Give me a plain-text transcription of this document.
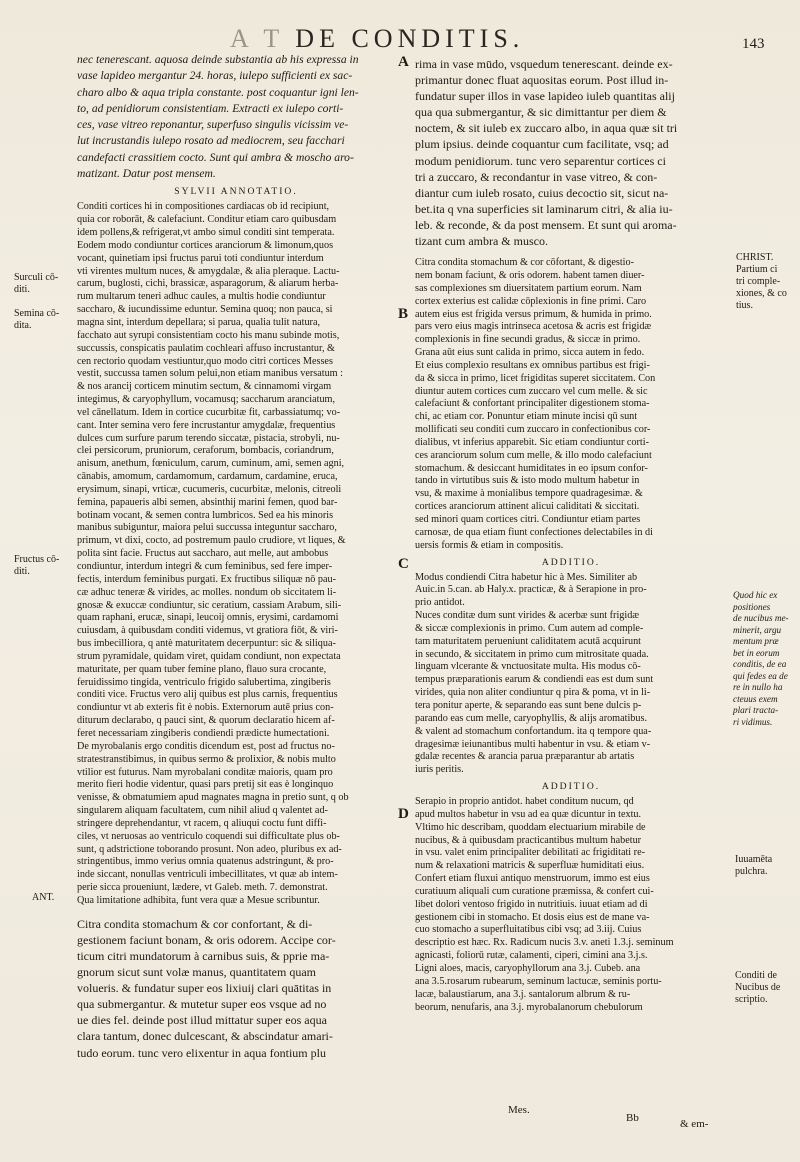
A T DE CONDITIS.	143
nec tenerescant. aquosa deinde substantia ab his expressa in
vase lapideo mergantur 24. horas, iulepo sufficienti ex sac-
charo albo & aqua tripla constante. post coquantur igni len-
to, ad penidiorum consistentiam. Extracti ex iulepo corti-
ces, vase vitreo reponantur, superfuso singulis vicissim ve-
lut incrustandis iulepo rosato ad mediocrem, seu facchari
candefacti crassitiem cocto. Sunt qui ambra & moscho aro-
matizant. Datur post mensem.
SYLVII ANNOTATIO.
Conditi cortices hi in compositiones cardiacas ob id recipiunt,
quia cor roborāt, & calefaciunt. Conditur etiam caro quibusdam
idem pollens,& refrigerat,vt ambo simul conditi sint temperata.
Eodem modo condiuntur cortices aranciorum & limonum,quos
vocant, quinetiam ipsi fructus parui toti condiuntur interdum
vti virentes multum nuces, & amygdalæ, & alia pleraque. Lactu-
carum, buglosti, cichi, brassicæ, asparagorum, & aliarum herba-
rum multarum teneri adhuc caules, a multis hodie condiuntur
saccharo, & iucundissime eduntur. Semina quoq; non pauca, si
magna sint, interdum depellara; si parua, qualia tulit natura,
facchato aut syrupi consistentiam cocto his manu subinde motis,
succussis, conspicatis paulatim cochleari affuso incrustantur, &
cen rectorio quodam vestiuntur,quo modo citri cortices Messes
vestit, succussa tamen solum pelui,non etiam manibus versatum :
& nos arancij corticem minutim sectum, & cinnamomi virgam
integimus, & caryophyllum, vocamusq; saccharum aranciatum,
vel cānellatum. Idem in cortice cucurbitæ fit, carbassiatumq; vo-
cant. Inter semina vero fere incrustantur amygdalæ, frequentius
dulces cum surfure parum terendo siccatæ, pistacia, strobyli, nu-
clei persicorum, pruniorum, ceraforum, bombacis, coriandrum,
anisum, anethum, fœniculum, carum, cuminum, ami, semen agni,
cānabis, amomum, cardamomum, cardamum, cardamine, eruca,
erysimum, sinapi, vrticæ, cucumeris, cucurbitæ, melonis, citreoli
femina, papaueris albi semen, absinthij marini femen, quod bar-
botinam vocant, & semen contra lumbricos. Sed ea his minoris
manibus subiguntur, maiora pelui succussa integuntur saccharo,
primum, vt dixi, cocto, ad postremum paulo crudiore, vt liques, &
polita sint facie. Fructus aut saccharo, aut melle, aut ambobus
condiuntur, interdum integri & cum feminibus, sed fere imper-
fectis, interdum feminibus purgati. Ex fructibus siliquæ nō pau-
cæ adhuc teneræ & virides, ac molles. nondum ob siccitatem li-
gnosæ & exuccæ condiuntur, sic ceratium, cassiam Arabum, sili-
quam raphani, erucæ, sinapi, leucoij omnis, erysimi, cardamomi
cuiusdam, à quibusdam conditi videmus, vt gratiora fiōt, & viri-
bus imbecilliora, q antè maturitatem decerpuntur: sic & siliqua-
strum pyramidale, quidam viret, quidam condiunt, non expectata
maturitate, per quam tuber femine plano, flauo sura crocante,
feruidissimo tingida, ventriculo frigido salubertima, zingiberis
conditi vice. Fructus vero alij quibus est plus carnis, frequentius
condiuntur vt ab exteris fit è nobis. Externorum autē prius con-
diturum declarabo, q pauci sint, & quorum declaratio hicem af-
feret necessariam zingiberis condiendi prædicte humectationi.
De myrobalanis ergo conditis dicendum est, post ad fructus no-
stratestranstibimus, in quibus sermo & prolixior, & nobis multo
vtilior est futurus. Nam myrobalani conditæ maioris, quam pro
merito fieri hodie videntur, quasi pars pretij sit eas è longinquo
venisse, & obmatumiem apud magnates magna in pretio sunt, q ob
singularem aliquam facultatem, cum nihil aliud q valentet ad-
stringere deprehendantur, vt racem, q aliuqui coctu funt diffi-
ciles, vt neruosas ao ventriculo coquendi sui difficultate plus ob-
sunt, q adstrictione toborando prosunt. Non adeo, pluribus ex ad-
stringentibus, immo verius omnia quatenus adstringunt, & pro-
inde siccant, nonullas ventriculi imbecillitates, vt quæ ab intem-
perie sicca proueniunt, lædere, vt Galeb. meth. 7. demonstrat.
Qua limitatione adhibita, funt vera quæ a Mesue scribuntur.
Citra condita stomachum & cor confortant, & di-
gestionem faciunt bonam, & oris odorem. Accipe cor-
ticum citri mundatorum à carnibus suis, & pprie ma-
gnorum sicut sunt volæ manus, quantitatem quam
volueris. & fundatur super eos lixiuij clari quātitas in
qua submergantur. & mutetur super eos vsque ad no
ue dies fel. deinde post illud mittatur super eos aqua
clara tantum, donec dulcescant, & abscindatur amari-
tudo eorum. tunc vero elixentur in aqua fontium plu
rima in vase mūdo, vsquedum tenerescant. deinde ex-
primantur donec fluat aquositas eorum. Post illud in-
fundatur super illos in vase lapideo iuleb quantitas alij
qua qua submergantur, & sic dimittantur per diem &
noctem, & sit iuleb ex zuccaro albo, in aqua quæ sit tri
plum ipsius. deinde coquantur cum facilitate, vsq; ad
modum penidiorum. tunc vero separentur cortices ci
tri a zuccaro, & recondantur in vase vitreo, & con-
diantur cum iuleb rosato, cuius decoctio sit, sicut na-
bet.ita q vna superficies sit laminarum citri, & alia iu-
leb. & reconde, & da post mensem. Et sunt qui aroma-
tizant cum ambra & musco.
Citra condita stomachum & cor cōfortant, & digestio-
nem bonam faciunt, & oris odorem. habent tamen diuer-
sas complexiones sm diuersitatem partium eorum. Nam
cortex exterius est calidæ cōplexionis in fine primi. Caro
autem eius est frigida versus primum, & humida in primo.
pars vero eius magis intrinseca acetosa & acris est frigidæ
complexionis in fine secundi gradus, & siccæ in primo.
Grana aūt eius sunt calida in primo, sicca autem in fedo.
Et eius complexio resultans ex omnibus partibus est frigi-
da & sicca in primo, licet frigiditas superet siccitatem. Con
diuntur autem cortices cum zuccaro vel cum melle. & sic
calefaciunt & confortant principaliter digestionem stoma-
chi, ac etiam cor. Ponuntur etiam minute incisi qū sunt
mollificati seu conditi cum zuccaro in confectionibus cor-
dialibus, vt inferius apparebit. Sic etiam condiuntur corti-
ces aranciorum solum cum melle, & illo modo calefaciunt
stomachum. & desiccant humiditates in eo ipsum confor-
tando in virtutibus suis & isto modo multum habetur in
vsu, & maxime à monialibus tempore quadragesimæ. &
cortices aranciorum attinent alicui caliditati & siccitati.
sed minori quam cortices citri. Condiuntur etiam partes
carnosæ, de qua etiam fiunt confectiones delectabiles in di
uersis formis & etiam in compositis.
ADDITIO.
Modus condiendi Citra habetur hic à Mes. Similiter ab
Auic.in 5.can. ab Haly.x. practicæ, & à Serapione in pro-
prio antidot.
Nuces conditæ dum sunt virides & acerbæ sunt frigidæ
& siccæ complexionis in primo. Cum autem ad comple-
tam maturitatem perueniunt caliditatem acutā acquirunt
in secundo, & siccitatem in primo cum mitrositate quada.
linguam vlcerante & vnctuositate multa. His modus cō-
tempus præparationis earum & condiendi eas est dum sunt
virides, quia non aliter condiuntur q pira & poma, vt in li-
tera ponitur aperte, & separando eas sunt bene dulcis p-
parando eas cum melle, caryophyllis, & alijs aromatibus.
& valent ad stomachum confortandum. ita q tempore qua-
dragesimæ ieiunantibus multi habentur in vsu. & etiam v-
gdalæ recentes & arancia parua præparantur ab artatis
iuris peritis.
ADDITIO.
Serapio in proprio antidot. habet conditum nucum, qd
apud multos habetur in vsu ad ea quæ dicuntur in textu.
Vltimo hic describam, quoddam electuarium mirabile de
nucibus, & à quibusdam practicantibus multum habetur
in vsu. valet enim principaliter debilitati ac frigiditati re-
num & relaxationi matricis & superfluæ humiditati eius.
Confert etiam fluxui antiquo menstruorum, immo est eius
curatiuum aliquali cum curatione præmissa, & confert cui-
libet dolori ventoso frigido in nutritiuis. iuuat etiam ad di
gestionem cibi in stomacho. Et dosis eius est de mane va-
cuo stomacho a superfluitatibus cibi vsq; ad 3.iij. Cuius
descriptio est hæc. Rx. Radicum nucis 3.v. aneti 1.3.j. seminum
agnicasti, foliorū rutæ, calamenti, ciperi, cimini ana 3.j.s.
Ligni aloes, macis, caryophyllorum ana 3.j. Cubeb. ana
ana 3.5.rosarum rubearum, seminum lactucæ, seminis portu-
lacæ, balaustiarum, ana 3.j. santalorum albrum & ru-
beorum, nenufaris, ana 3.j. myrobalanorum chebulorum
A
B
C
D
Surculi cō-
diti.
Semina cō-
dita.
Fructus cō-
diti.
ANT.
CHRIST.
Partium ci
tri comple-
xiones, & co
tius.
Quod hic ex
positiones
de nucibus me-
minerit, argu
mentum præ
bet in eorum
conditis, de ea
qui fedes ea de
re in nullo ha
cteuus exem
plari tracta-
ri vidimus.
Iuuamēta
pulchra.
Conditi de
Nucibus de
scriptio.
Mes.
Bb	& em-
